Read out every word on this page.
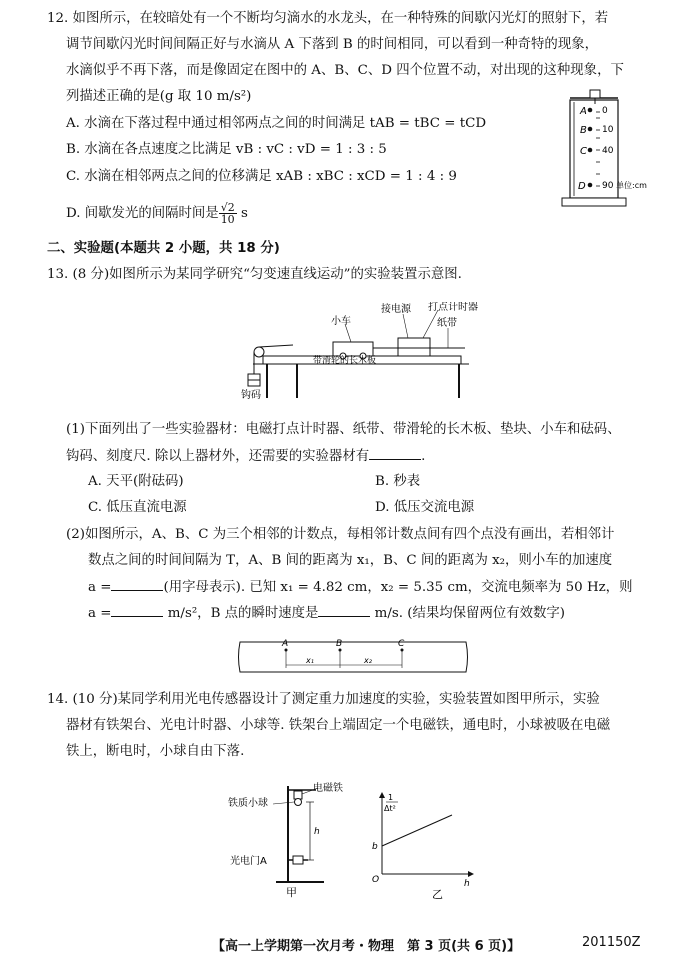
12. 如图所示，在较暗处有一个不断均匀滴水的水龙头，在一种特殊的间歇闪光灯的照射下，若
调节间歇闪光时间间隔正好与水滴从 A 下落到 B 的时间相同，可以看到一种奇特的现象，
水滴似乎不再下落，而是像固定在图中的 A、B、C、D 四个位置不动，对出现的这种现象，下
列描述正确的是(g 取 10 m/s²)
A. 水滴在下落过程中通过相邻两点之间的时间满足 tAB = tBC = tCD
B. 水滴在各点速度之比满足 vB : vC : vD = 1 : 3 : 5
C. 水滴在相邻两点之间的位移满足 xAB : xBC : xCD = 1 : 4 : 9
D. 间歇发光的间隔时间是 $\frac{√2}{10}$ s
A
B
C
D
0
10
40
90 单位:cm
二、实验题(本题共 2 小题，共 18 分)
13. (8 分)如图所示为某同学研究“匀变速直线运动”的实验装置示意图.
接电源 打点计时器
纸带
小车
带滑轮的长木板
钩码
(1)下面列出了一些实验器材：电磁打点计时器、纸带、带滑轮的长木板、垫块、小车和砝码、
钩码、刻度尺. 除以上器材外，还需要的实验器材有	.
A. 天平(附砝码)	B. 秒表
C. 低压直流电源	D. 低压交流电源
(2)如图所示，A、B、C 为三个相邻的计数点，每相邻计数点间有四个点没有画出，若相邻计
数点之间的时间间隔为 T，A、B 间的距离为 x₁，B、C 间的距离为 x₂，则小车的加速度
a =	(用字母表示). 已知 x₁ = 4.82 cm，x₂ = 5.35 cm，交流电频率为 50 Hz，则
a =	m/s²，B 点的瞬时速度是	m/s. (结果均保留两位有效数字)
A	B	C
x₁	x₂
14. (10 分)某同学利用光电传感器设计了测定重力加速度的实验，实验装置如图甲所示，实验
器材有铁架台、光电计时器、小球等. 铁架台上端固定一个电磁铁，通电时，小球被吸在电磁
铁上，断电时，小球自由下落.
电磁铁
铁质小球
光电门A
h
甲
1
Δt²
b
O	h
乙
【高一上学期第一次月考・物理　第 3 页(共 6 页)】	201150Z
